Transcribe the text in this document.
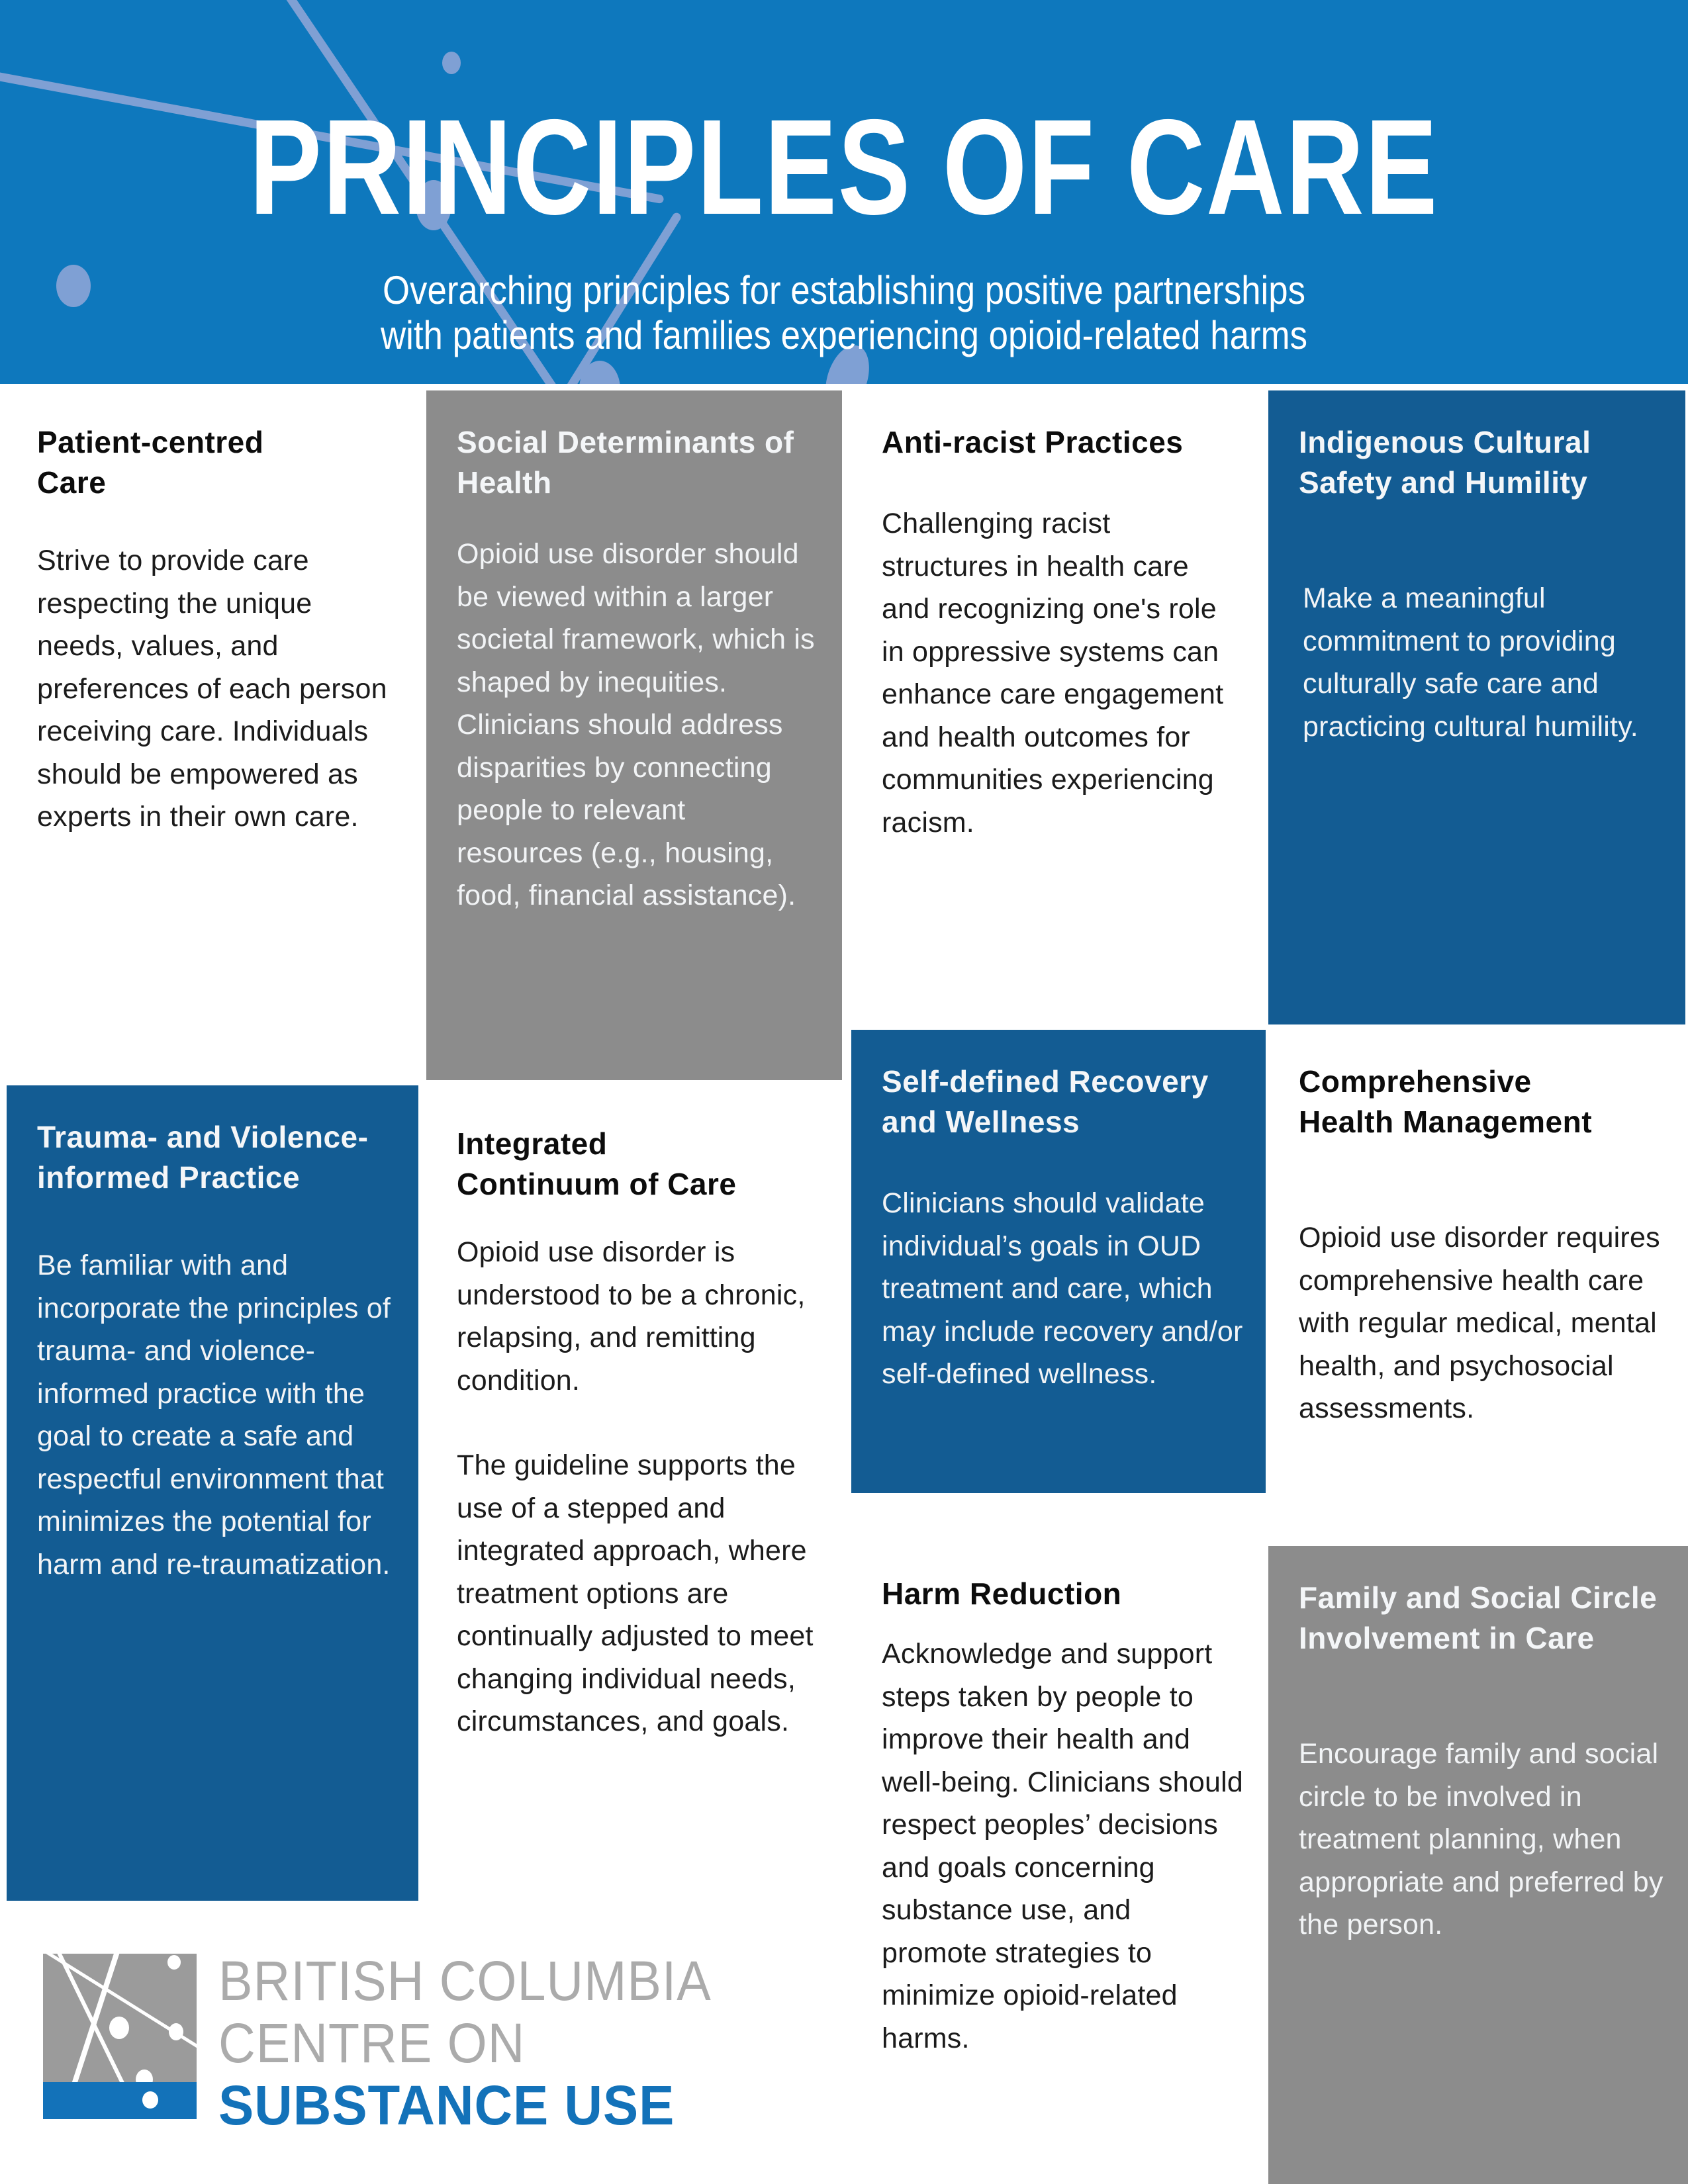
PRINCIPLES OF CARE
Overarching principles for establishing positive partnerships
with patients and families experiencing opioid-related harms
Patient-centred Care

Strive to provide care respecting the unique needs, values, and preferences of each person receiving care. Individuals should be empowered as experts in their own care.

Social Determinants of Health

Opioid use disorder should be viewed within a larger societal framework, which is shaped by inequities. Clinicians should address disparities by connecting people to relevant resources (e.g., housing, food, financial assistance).

Anti-racist Practices

Challenging racist structures in health care and recognizing one's role in oppressive systems can enhance care engagement and health outcomes for communities experiencing racism.

Indigenous Cultural Safety and Humility

Make a meaningful commitment to providing culturally safe care and practicing cultural humility.

Trauma- and Violence-informed Practice

Be familiar with and incorporate the principles of trauma- and violence-informed practice with the goal to create a safe and respectful environment that minimizes the potential for harm and re-traumatization.

Integrated Continuum of Care

Opioid use disorder is understood to be a chronic, relapsing, and remitting condition.

The guideline supports the use of a stepped and integrated approach, where treatment options are continually adjusted to meet changing individual needs, circumstances, and goals.

Self-defined Recovery and Wellness

Clinicians should validate individual’s goals in OUD treatment and care, which may include recovery and/or self-defined wellness.

Comprehensive Health Management

Opioid use disorder requires comprehensive health care with regular medical, mental health, and psychosocial assessments.

Harm Reduction

Acknowledge and support steps taken by people to improve their health and well-being. Clinicians should respect peoples’ decisions and goals concerning substance use, and promote strategies to minimize opioid-related harms.

Family and Social Circle Involvement in Care

Encourage family and social circle to be involved in treatment planning, when appropriate and preferred by the person.

BRITISH COLUMBIA
CENTRE ON
SUBSTANCE USE
